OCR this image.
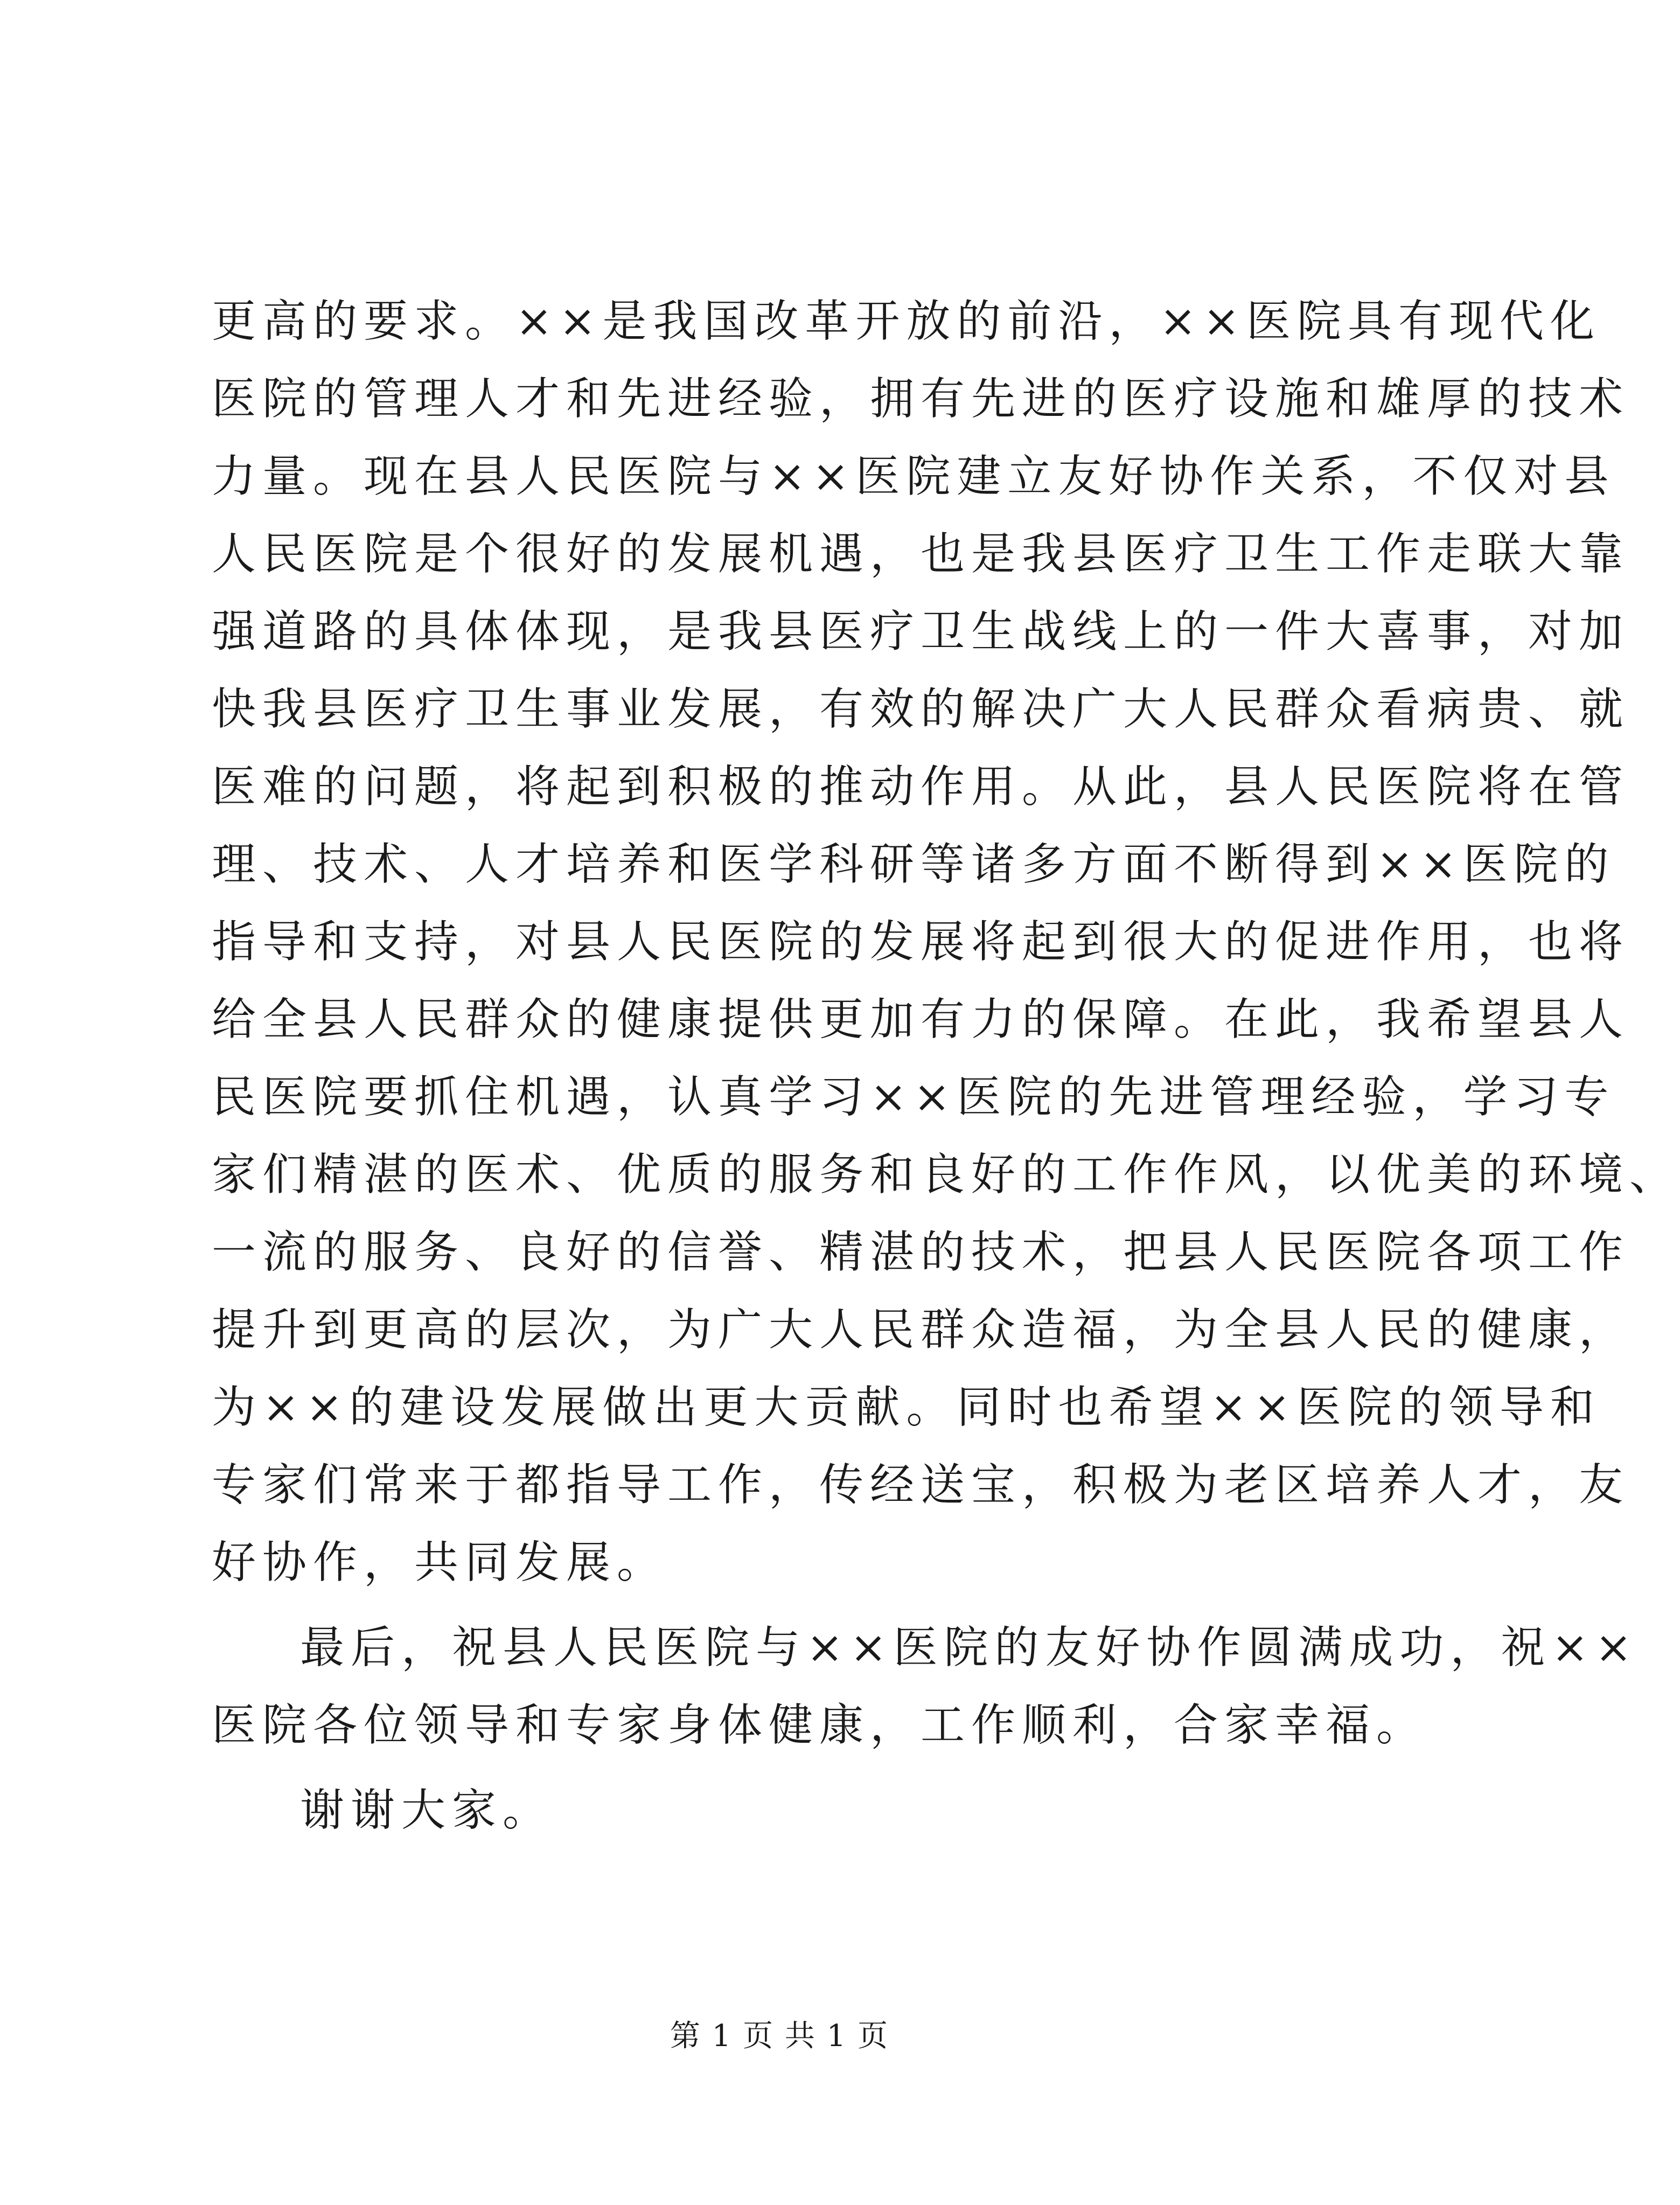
更高的要求。××是我国改革开放的前沿，××医院具有现代化
医院的管理人才和先进经验，拥有先进的医疗设施和雄厚的技术
力量。现在县人民医院与××医院建立友好协作关系，不仅对县
人民医院是个很好的发展机遇，也是我县医疗卫生工作走联大靠
强道路的具体体现，是我县医疗卫生战线上的一件大喜事，对加
快我县医疗卫生事业发展，有效的解决广大人民群众看病贵、就
医难的问题，将起到积极的推动作用。从此，县人民医院将在管
理、技术、人才培养和医学科研等诸多方面不断得到××医院的
指导和支持，对县人民医院的发展将起到很大的促进作用，也将
给全县人民群众的健康提供更加有力的保障。在此，我希望县人
民医院要抓住机遇，认真学习××医院的先进管理经验，学习专
家们精湛的医术、优质的服务和良好的工作作风，以优美的环境、
一流的服务、良好的信誉、精湛的技术，把县人民医院各项工作
提升到更高的层次，为广大人民群众造福，为全县人民的健康，
为××的建设发展做出更大贡献。同时也希望××医院的领导和
专家们常来于都指导工作，传经送宝，积极为老区培养人才，友
好协作，共同发展。
最后，祝县人民医院与××医院的友好协作圆满成功，祝××
医院各位领导和专家身体健康，工作顺利，合家幸福。
谢谢大家。
第 1 页 共 1 页
